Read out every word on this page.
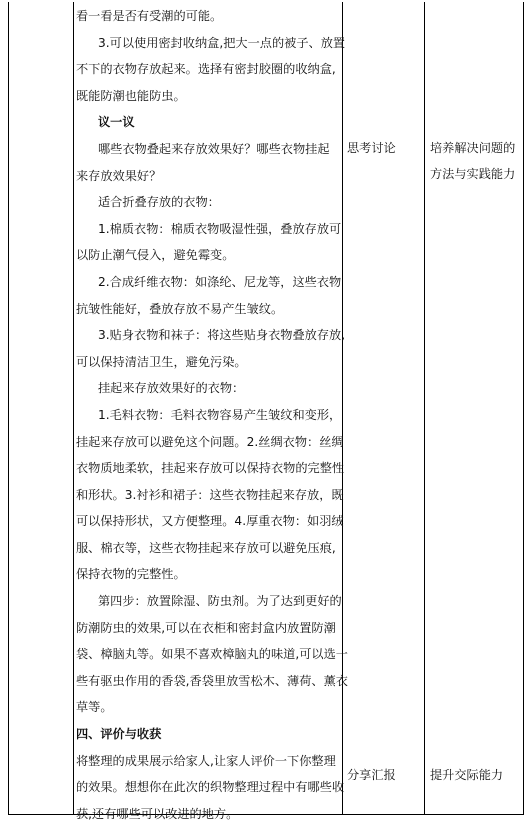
看一看是否有受潮的可能。
3.可以使用密封收纳盒,把大一点的被子、放置
不下的衣物存放起来。选择有密封胶圈的收纳盒,
既能防潮也能防虫。
议一议
哪些衣物叠起来存放效果好？哪些衣物挂起
来存放效果好？
适合折叠存放的衣物：
1.棉质衣物：棉质衣物吸湿性强，叠放存放可
以防止潮气侵入，避免霉变。
2.合成纤维衣物：如涤纶、尼龙等，这些衣物
抗皱性能好，叠放存放不易产生皱纹。
3.贴身衣物和袜子：将这些贴身衣物叠放存放,
可以保持清洁卫生，避免污染。
挂起来存放效果好的衣物：
1.毛料衣物：毛料衣物容易产生皱纹和变形，
挂起来存放可以避免这个问题。2.丝绸衣物：丝绸
衣物质地柔软，挂起来存放可以保持衣物的完整性
和形状。3.衬衫和裙子：这些衣物挂起来存放，既
可以保持形状，又方便整理。4.厚重衣物：如羽绒
服、棉衣等，这些衣物挂起来存放可以避免压痕,
保持衣物的完整性。
第四步：放置除湿、防虫剂。为了达到更好的
防潮防虫的效果,可以在衣柜和密封盒内放置防潮
袋、樟脑丸等。如果不喜欢樟脑丸的味道,可以选一
些有驱虫作用的香袋,香袋里放雪松木、薄荷、薰衣
草等。
四、评价与收获
将整理的成果展示给家人,让家人评价一下你整理
的效果。想想你在此次的织物整理过程中有哪些收
获,还有哪些可以改进的地方。
思考讨论	培养解决问题的
方法与实践能力
分享汇报	提升交际能力
